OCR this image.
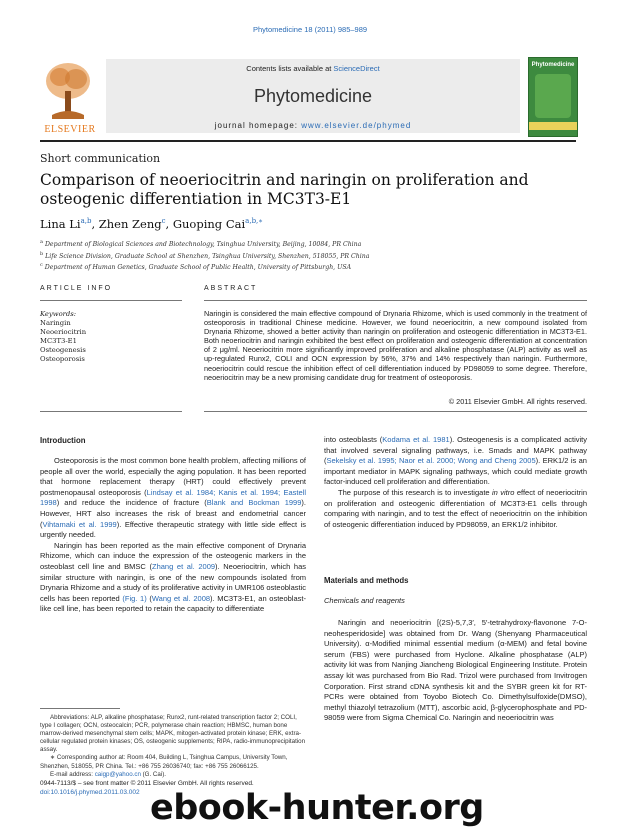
Phytomedicine 18 (2011) 985–989
ELSEVIER
Contents lists available at ScienceDirect
Phytomedicine
journal homepage: www.elsevier.de/phymed
Phytomedicine
Short communication
Comparison of neoeriocitrin and naringin on proliferation and osteogenic differentiation in MC3T3-E1
Lina Li$^{a,b}$, Zhen Zeng$^c$, Guoping Cai$^{a,b,∗}$
$^a$ Department of Biological Sciences and Biotechnology, Tsinghua University, Beijing, 10084, PR China
$^b$ Life Science Division, Graduate School at Shenzhen, Tsinghua University, Shenzhen, 518055, PR China
$^c$ Department of Human Genetics, Graduate School of Public Health, University of Pittsburgh, USA
ARTICLE INFO	ABSTRACT
Keywords:
Naringin
Neoeriocitrin
MC3T3-E1
Osteogenesis
Osteoporosis
Naringin is considered the main effective compound of Drynaria Rhizome, which is used commonly in the treatment of osteoporosis in traditional Chinese medicine. However, we found neoeriocitrin, a new compound isolated from Drynaria Rhizome, showed a better activity than naringin on proliferation and osteogenic differentiation in MC3T3-E1. Both neoeriocitrin and naringin exhibited the best effect on proliferation and osteogenic differentiation at concentration of 2 μg/ml. Neoeriocitrin more significantly improved proliferation and alkaline phosphatase (ALP) activity as well as up-regulated Runx2, COLI and OCN expression by 56%, 37% and 14% respectively than naringin. Furthermore, neoeriocitrin could rescue the inhibition effect of cell differentiation induced by PD98059 to some degree. Therefore, neoeriocitrin may be a new promising candidate drug for treatment of osteoporosis.
© 2011 Elsevier GmbH. All rights reserved.
Introduction

Osteoporosis is the most common bone health problem, affecting millions of people all over the world, especially the aging population. It has been reported that hormone replacement therapy (HRT) could effectively prevent postmenopausal osteoporosis (Lindsay et al. 1984; Kanis et al. 1994; Eastell 1998) and reduce the incidence of fracture (Blank and Bockman 1999). However, HRT also increases the risk of breast and endometrial cancer (Vihtamaki et al. 1999). Effective therapeutic strategy with little side effect is urgently needed.

Naringin has been reported as the main effective component of Drynaria Rhizome, which can induce the expression of the osteogenic markers in the osteoblast cell line and BMSC (Zhang et al. 2009). Neoeriocitrin, which has similar structure with naringin, is one of the new compounds isolated from Drynaria Rhizome and a study of its proliferative activity in UMR106 osteoblastic cells has been reported (Fig. 1) (Wang et al. 2008). MC3T3-E1, an osteoblast-like cell line, has been reported to retain the capacity to differentiate

Abbreviations: ALP, alkaline phosphatase; Runx2, runt-related transcription factor 2; COLI, type I collagen; OCN, osteocalcin; PCR, polymerase chain reaction; HBMSC, human bone marrow-derived mesenchymal stem cells; MAPK, mitogen-activated protein kinase; ERK, extra-cellular regulated protein kinases; OS, osteogenic supplements; RIPA, radio-immunoprecipitation assay.

∗ Corresponding author at: Room 404, Building L, Tsinghua Campus, University Town, Shenzhen, 518055, PR China. Tel.: +86 755 26036740; fax: +86 755 26066125.

E-mail address: caigp@yahoo.cn (G. Cai).

into osteoblasts (Kodama et al. 1981). Osteogenesis is a complicated activity that involved several signaling pathways, i.e. Smads and MAPK pathway (Sekelsky et al. 1995; Naor et al. 2000; Wong and Cheng 2005). ERK1/2 is an important mediator in MAPK signaling pathways, which could mediate growth factor-induced cell proliferation and differentiation.

The purpose of this research is to investigate in vitro effect of neoeriocitrin on proliferation and osteogenic differentiation of MC3T3-E1 cells through comparing with naringin, and to test the effect of neoeriocitrin on the inhibition of osteogenic differentiation induced by PD98059, an ERK1/2 inhibitor.

Materials and methods
Chemicals and reagents

Naringin and neoeriocitrin [(2S)-5,7,3′, 5′-tetrahydroxy-flavonone 7-O-neohesperidoside] was obtained from Dr. Wang (Shenyang Pharmaceutical University). α-Modified minimal essential medium (α-MEM) and fetal bovine serum (FBS) were purchased from Hyclone. Alkaline phosphatase (ALP) activity kit was from Nanjing Jiancheng Biological Engineering Institute. Protein assay kit was purchased from Bio Rad. Trizol were purchased from Invitrogen Corporation. First strand cDNA synthesis kit and the SYBR green kit for RT-PCRs were obtained from Toyobo Biotech Co. Dimethylsulfoxide(DMSO), methyl thiazolyl tetrazolium (MTT), ascorbic acid, β-glycerophosphate and PD-98059 were from Sigma Chemical Co. Naringin and neoeriocitrin was

0944-7113/$ – see front matter © 2011 Elsevier GmbH. All rights reserved.
doi:10.1016/j.phymed.2011.03.002 ebook-hunter.org
